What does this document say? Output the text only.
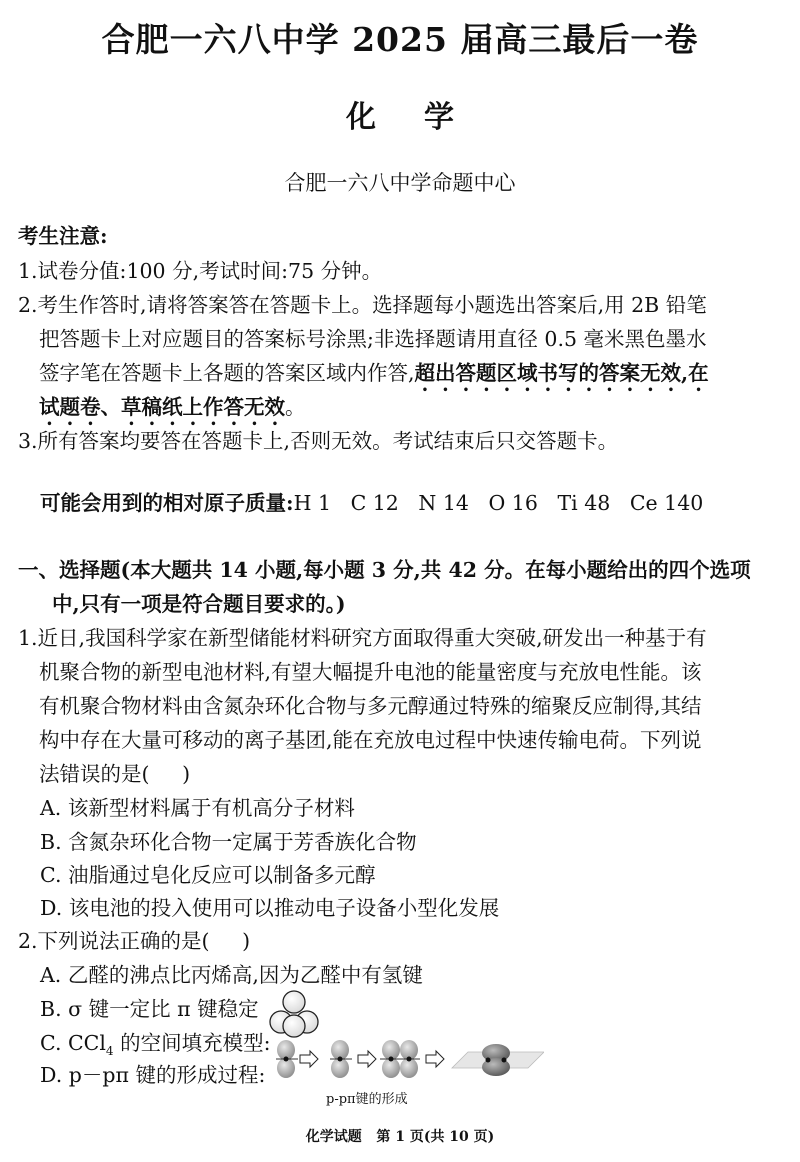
合肥一六八中学 2025 届高三最后一卷
化学
合肥一六八中学命题中心
考生注意:
1.试卷分值:100 分,考试时间:75 分钟。
2.考生作答时,请将答案答在答题卡上。选择题每小题选出答案后,用 2B 铅笔
把答题卡上对应题目的答案标号涂黑;非选择题请用直径 0.5 毫米黑色墨水
签字笔在答题卡上各题的答案区域内作答,超出答题区域书写的答案无效,在
试题卷、草稿纸上作答无效。
3.所有答案均要答在答题卡上,否则无效。考试结束后只交答题卡。
可能会用到的相对原子质量:H 1   C 12   N 14   O 16   Ti 48   Ce 140
一、选择题(本大题共 14 小题,每小题 3 分,共 42 分。在每小题给出的四个选项
中,只有一项是符合题目要求的。)
1.近日,我国科学家在新型储能材料研究方面取得重大突破,研发出一种基于有
机聚合物的新型电池材料,有望大幅提升电池的能量密度与充放电性能。该
有机聚合物材料由含氮杂环化合物与多元醇通过特殊的缩聚反应制得,其结
构中存在大量可移动的离子基团,能在充放电过程中快速传输电荷。下列说
法错误的是(     )
A. 该新型材料属于有机高分子材料
B. 含氮杂环化合物一定属于芳香族化合物
C. 油脂通过皂化反应可以制备多元醇
D. 该电池的投入使用可以推动电子设备小型化发展
2.下列说法正确的是(     )
A. 乙醛的沸点比丙烯高,因为乙醛中有氢键
B. σ 键一定比 π 键稳定
C. CCl$_4$ 的空间填充模型:
D. p－pπ 键的形成过程:
p-pπ键的形成
化学试题   第 1 页(共 10 页)
